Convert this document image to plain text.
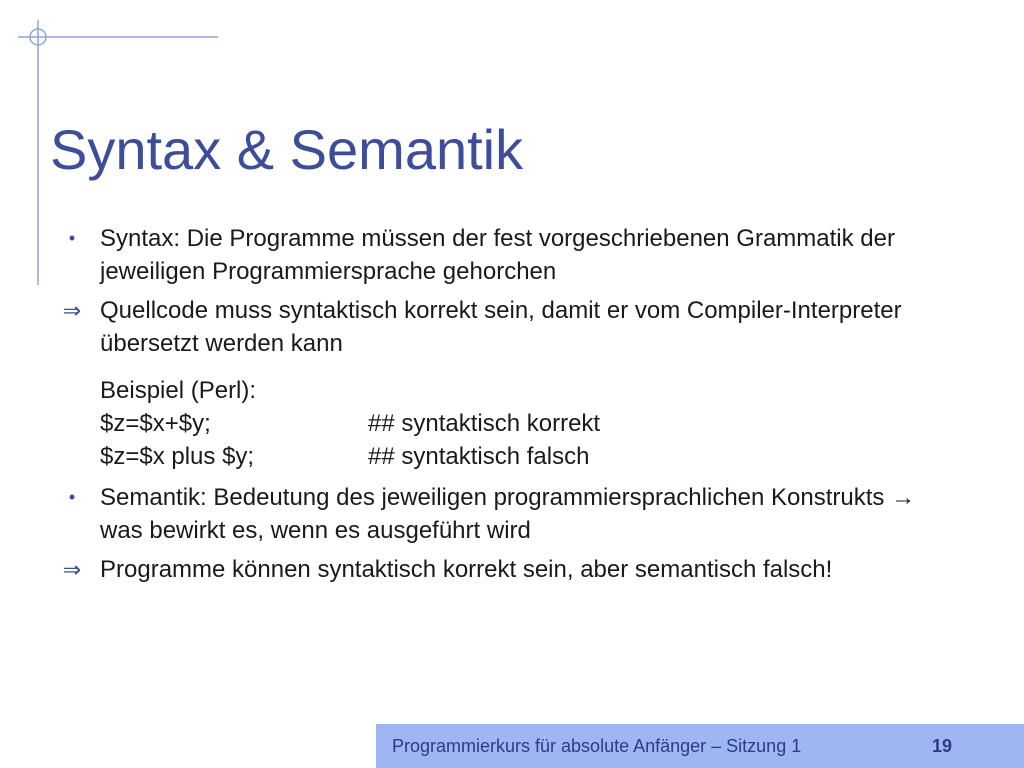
Syntax & Semantik
•	Syntax: Die Programme müssen der fest vorgeschriebenen Grammatik der jeweiligen Programmiersprache gehorchen
⇒ Quellcode muss syntaktisch korrekt sein, damit er vom Compiler-Interpreter übersetzt werden kann
Beispiel (Perl):
$z=$x+$y;	## syntaktisch korrekt
$z=$x plus $y;	## syntaktisch falsch
•	Semantik: Bedeutung des jeweiligen programmiersprachlichen Konstrukts → was bewirkt es, wenn es ausgeführt wird
⇒ Programme können syntaktisch korrekt sein, aber semantisch falsch!
Programmierkurs für absolute Anfänger – Sitzung 1	19
